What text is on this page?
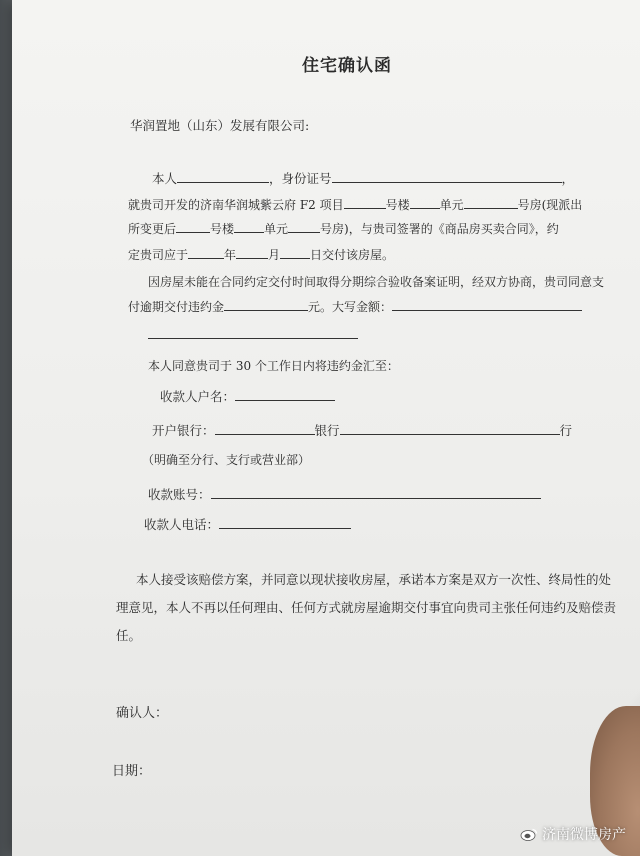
住宅确认函
华润置地（山东）发展有限公司:
本人	，身份证号	，
就贵司开发的济南华润城紫云府 F2 项目	号楼	单元	号房(现派出
所变更后	号楼	单元	号房)，与贵司签署的《商品房买卖合同》，约
定贵司应于	年	月	日交付该房屋。
因房屋未能在合同约定交付时间取得分期综合验收备案证明，经双方协商，贵司同意支
付逾期交付违约金	元。大写金额：
本人同意贵司于 30 个工作日内将违约金汇至：
收款人户名：
开户银行：	银行	行
（明确至分行、支行或营业部）
收款账号：
收款人电话：
本人接受该赔偿方案，并同意以现状接收房屋，承诺本方案是双方一次性、终局性的处
理意见，本人不再以任何理由、任何方式就房屋逾期交付事宜向贵司主张任何违约及赔偿责
任。
确认人：
日期：
济南微博房产
